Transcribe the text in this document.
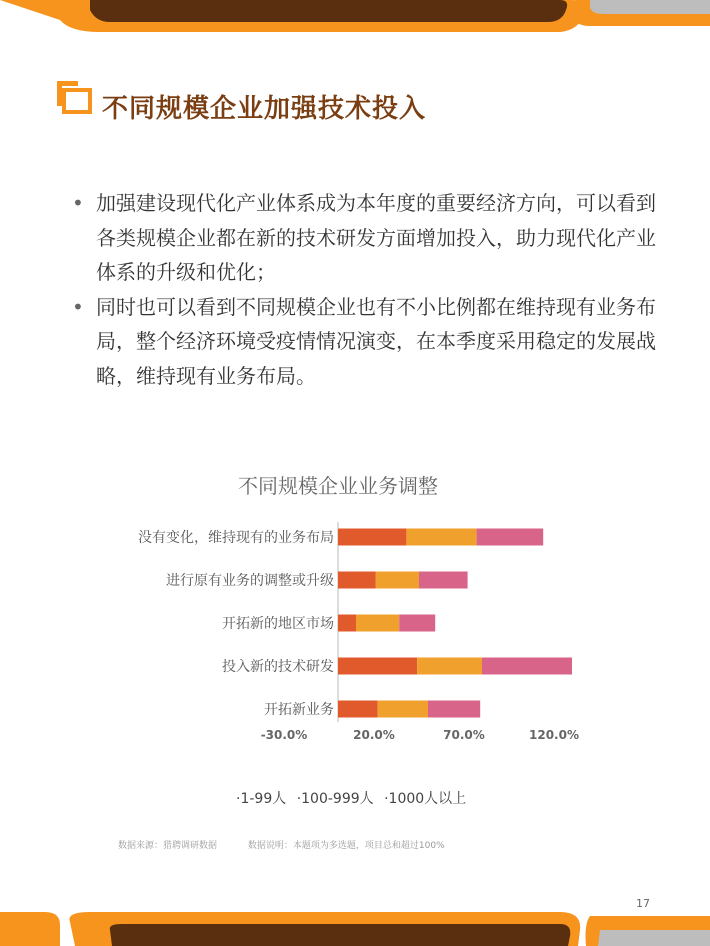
不同规模企业加强技术投入
• 加强建设现代化产业体系成为本年度的重要经济方向，可以看到各类规模企业都在新的技术研发方面增加投入，助力现代化产业体系的升级和优化；
• 同时也可以看到不同规模企业也有不小比例都在维持现有业务布局，整个经济环境受疫情情况演变，在本季度采用稳定的发展战略，维持现有业务布局。
不同规模企业业务调整
没有变化，维持现有的业务布局
进行原有业务的调整或升级
开拓新的地区市场
投入新的技术研发
开拓新业务
-30.0%	20.0%	70.0%	120.0%
·1-99人 ·100-999人 ·1000人以上
数据来源：猎聘调研数据	数据说明：本题项为多选题，项目总和超过100%
17
